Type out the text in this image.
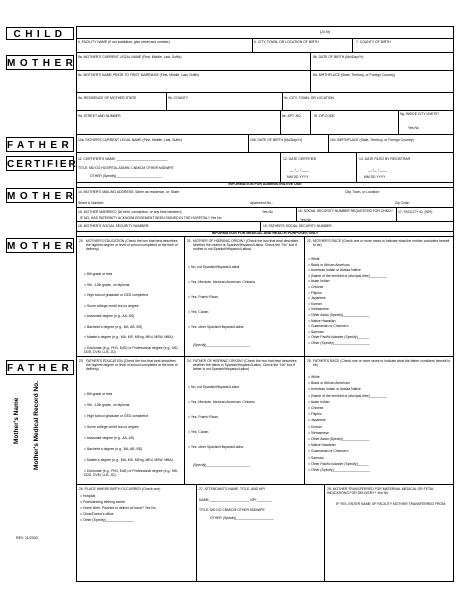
CHILD
MOTHER
FATHER
CERTIFIER
MOTHER
MOTHER
FATHER
Mother's Name Mother's Medical Record No.
REV. 11/2003
(24 hr)
6. FACILITY NAME (If not institution, give street and number)	6. CITY, TOWN, OR LOCATION OF BIRTH	7. COUNTY OF BIRTH
8a. MOTHER'S CURRENT LEGAL NAME (First, Middle, Last, Suffix)	8b. DATE OF BIRTH (Mo/Day/Yr)
8c. MOTHER'S NAME PRIOR TO FIRST MARRIAGE (First, Middle, Last, Suffix)	8d. BIRTHPLACE (State, Territory, or Foreign Country)
9a. RESIDENCE OF MOTHER-STATE	9b. COUNTY	9c. CITY, TOWN, OR LOCATION
9d. STREET AND NUMBER	9e. APT. NO.	9f. ZIP CODE	9g. INSIDE CITY LIMITS?
Yes No
10a. FATHER'S CURRENT LEGAL NAME (First, Middle, Last, Suffix)	10b. DATE OF BIRTH (Mo/Day/Yr)	10c. BIRTHPLACE (State, Territory, or Foreign Country)
11. CERTIFIER'S NAME: ___________________________
TITLE: MD DO HOSPITAL ADMIN. CNM/CM OTHER MIDWIFE
OTHER (Specify)________________________
12. DATE CERTIFIED
__ /__ /____
MM DD YYYY
13. DATE FILED BY REGISTRAR
__ /__ /____
MM DD YYYY
INFORMATION FOR ADMINISTRATIVE USE
14. MOTHER'S MAILING ADDRESS: Same as residence, or: State:	City, Town, or Location:
Street & Number:	Apartment No.:	Zip Code:
15. MOTHER MARRIED? (At birth, conception, or any time between)	Yes No
IF NO, HAS PATERNITY ACKNOWLEDGEMENT BEEN SIGNED IN THE HOSPITAL? Yes No
16. SOCIAL SECURITY NUMBER REQUESTED FOR CHILD?
Yes No
17. FACILITY ID. (NPI)
18. MOTHER'S SOCIAL SECURITY NUMBER:	19. FATHER'S SOCIAL SECURITY NUMBER:
INFORMATION FOR MEDICAL AND HEALTH PURPOSES ONLY
20. MOTHER'S EDUCATION (Check the box that best describes the highest degree or level of school completed at the time of delivery)
□ 8th grade or less
□ 9th - 12th grade, no diploma
□ High school graduate or GED completed
□ Some college credit but no degree
□ Associate degree (e.g., AA, AS)
□ Bachelor's degree (e.g., BA, AB, BS)
□ Master's degree (e.g., MA, MS, MEng, MEd, MSW, MBA)
□ Doctorate (e.g., PhD, EdD) or Professional degree (e.g., MD, DDS, DVM, LLB, JD)
21. MOTHER OF HISPANIC ORIGIN? (Check the box that best describes whether the mother is Spanish/Hispanic/Latina. Check the "No" box if mother is not Spanish/Hispanic/Latina)
□ No, not Spanish/Hispanic/Latina
□ Yes, Mexican, Mexican American, Chicana
□ Yes, Puerto Rican
□ Yes, Cuban
□ Yes, other Spanish/Hispanic/Latina
(Specify)_______________________
22. MOTHER'S RACE (Check one or more races to indicate what the mother considers herself to be)
□ White
□ Black or African American
□ American Indian or Alaska Native
□ (Name of the enrolled or principal tribe)_________
□ Asian Indian
□ Chinese
□ Filipino
□ Japanese
□ Korean
□ Vietnamese
□ Other Asian (Specify)______________
□ Native Hawaiian
□ Guamanian or Chamorro
□ Samoan
□ Other Pacific Islander (Specify)______
□ Other (Specify)___________________
23. FATHER'S EDUCATION (Check the box that best describes the highest degree or level of school completed at the time of delivery)
□ 8th grade or less
□ 9th - 12th grade, no diploma
□ High school graduate or GED completed
□ Some college credit but no degree
□ Associate degree (e.g., AA, AS)
□ Bachelor's degree (e.g., BA, AB, BS)
□ Master's degree (e.g., MA, MS, MEng, MEd, MSW, MBA)
□ Doctorate (e.g., PhD, EdD) or Professional degree (e.g., MD, DDS, DVM, LLB, JD)
24. FATHER OF HISPANIC ORIGIN? (Check the box that best describes whether the father is Spanish/Hispanic/Latino. Check the "No" box if father is not Spanish/Hispanic/Latino)
□ No, not Spanish/Hispanic/Latino
□ Yes, Mexican, Mexican American, Chicano
□ Yes, Puerto Rican
□ Yes, Cuban
□ Yes, other Spanish/Hispanic/Latino
(Specify)_______________________
25. FATHER'S RACE (Check one or more races to indicate what the father considers himself to be)
□ White
□ Black or African American
□ American Indian or Alaska Native
□ (Name of the enrolled or principal tribe)_________
□ Asian Indian
□ Chinese
□ Filipino
□ Japanese
□ Korean
□ Vietnamese
□ Other Asian (Specify)______________
□ Native Hawaiian
□ Guamanian or Chamorro
□ Samoan
□ Other Pacific Islander (Specify)______
□ Other (Specify)___________________
26. PLACE WHERE BIRTH OCCURRED (Check one)
□ Hospital
□ Freestanding birthing center
□ Home Birth: Planned to deliver at home? Yes No
□ Clinic/Doctor's office
□ Other (Specify)_______________
27. ATTENDANT'S NAME, TITLE, AND NPI
NAME:_____________________ NPI:________
TITLE: MD DO CNM/CM OTHER MIDWIFE
OTHER (Specify)____________________
28. MOTHER TRANSFERRED FOR MATERNAL MEDICAL OR FETAL INDICATIONS FOR DELIVERY? Yes No
IF YES, ENTER NAME OF FACILITY MOTHER TRANSFERRED FROM:
